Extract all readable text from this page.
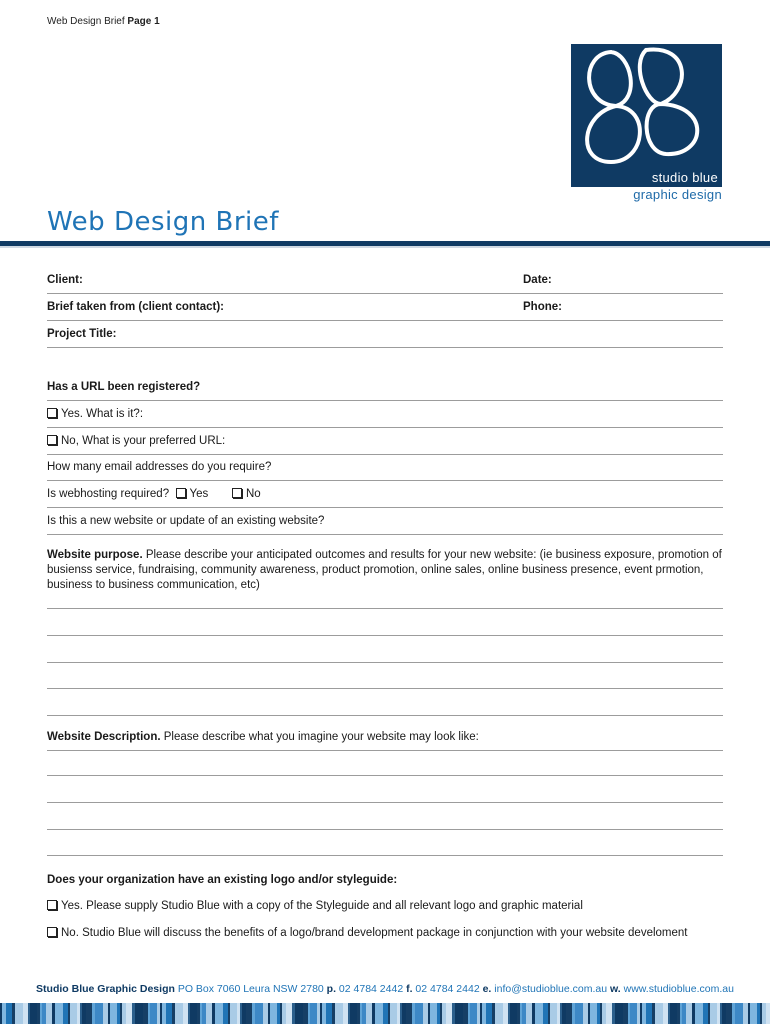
Web Design Brief Page 1
studio blue
graphic design
Web Design Brief
Client:	Date:
Brief taken from (client contact):	Phone:
Project Title:
Has a URL been registered?
Yes. What is it?:
No, What is your preferred URL:
How many email addresses do you require?
Is webhosting required? Yes	No
Is this a new website or update of an existing website?
Website purpose. Please describe your anticipated outcomes and results for your new website: (ie business exposure, promotion of busienss service, fundraising, community awareness, product promotion, online sales, online business presence, event prmotion, business to business communication, etc)
Website Description. Please describe what you imagine your website may look like:
Does your organization have an existing logo and/or styleguide:
Yes. Please supply Studio Blue with a copy of the Styleguide and all relevant logo and graphic material
No. Studio Blue will discuss the benefits of a logo/brand development package in conjunction with your website develoment
Studio Blue Graphic Design PO Box 7060 Leura NSW 2780 p. 02 4784 2442 f. 02 4784 2442 e. info@studioblue.com.au w. www.studioblue.com.au
